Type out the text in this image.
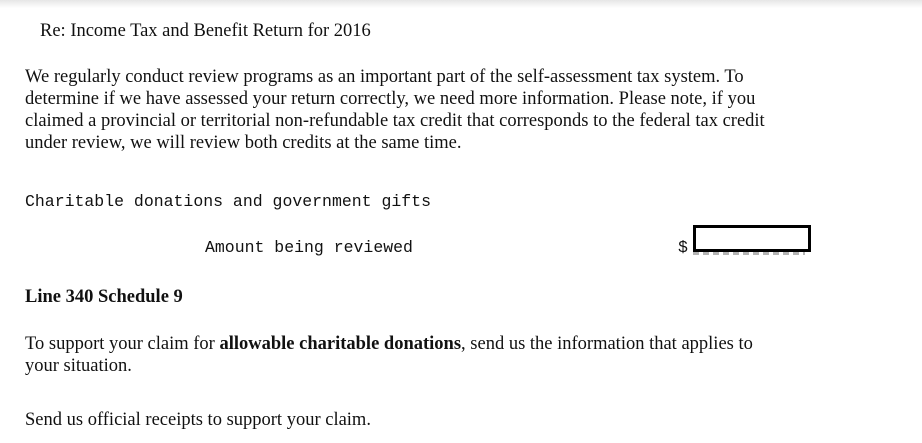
Re: Income Tax and Benefit Return for 2016

We regularly conduct review programs as an important part of the self-assessment tax system. To
determine if we have assessed your return correctly, we need more information. Please note, if you
claimed a provincial or territorial non-refundable tax credit that corresponds to the federal tax credit
under review, we will review both credits at the same time.

Charitable donations and government gifts

Amount being reviewed	$

Line 340 Schedule 9

To support your claim for allowable charitable donations, send us the information that applies to
your situation.

Send us official receipts to support your claim.
